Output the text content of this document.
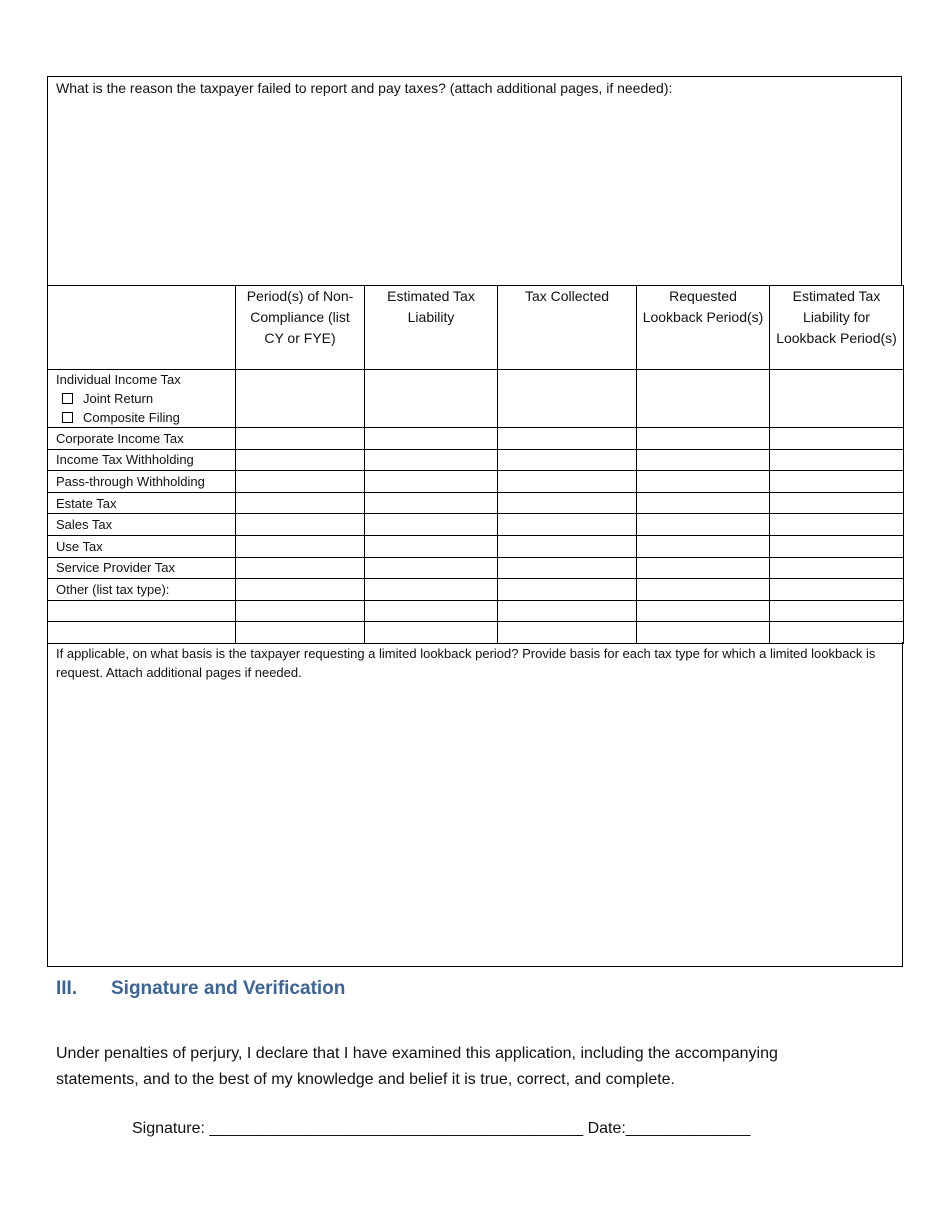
What is the reason the taxpayer failed to report and pay taxes? (attach additional pages, if needed):
	Period(s) of Non-Compliance (list CY or FYE)	Estimated Tax Liability	Tax Collected	Requested Lookback Period(s)	Estimated Tax Liability for Lookback Period(s)

Individual Income Tax
Joint Return
Composite Filing					

Corporate Income Tax					
Income Tax Withholding					
Pass-through Withholding					
Estate Tax					
Sales Tax					
Use Tax					
Service Provider Tax					
Other (list tax type):					

If applicable, on what basis is the taxpayer requesting a limited lookback period? Provide basis for each tax type for which a limited lookback is request. Attach additional pages if needed.
III. Signature and Verification
Under penalties of perjury, I declare that I have examined this application, including the accompanying statements, and to the best of my knowledge and belief it is true, correct, and complete.
Signature: __________________________________________ Date:______________
